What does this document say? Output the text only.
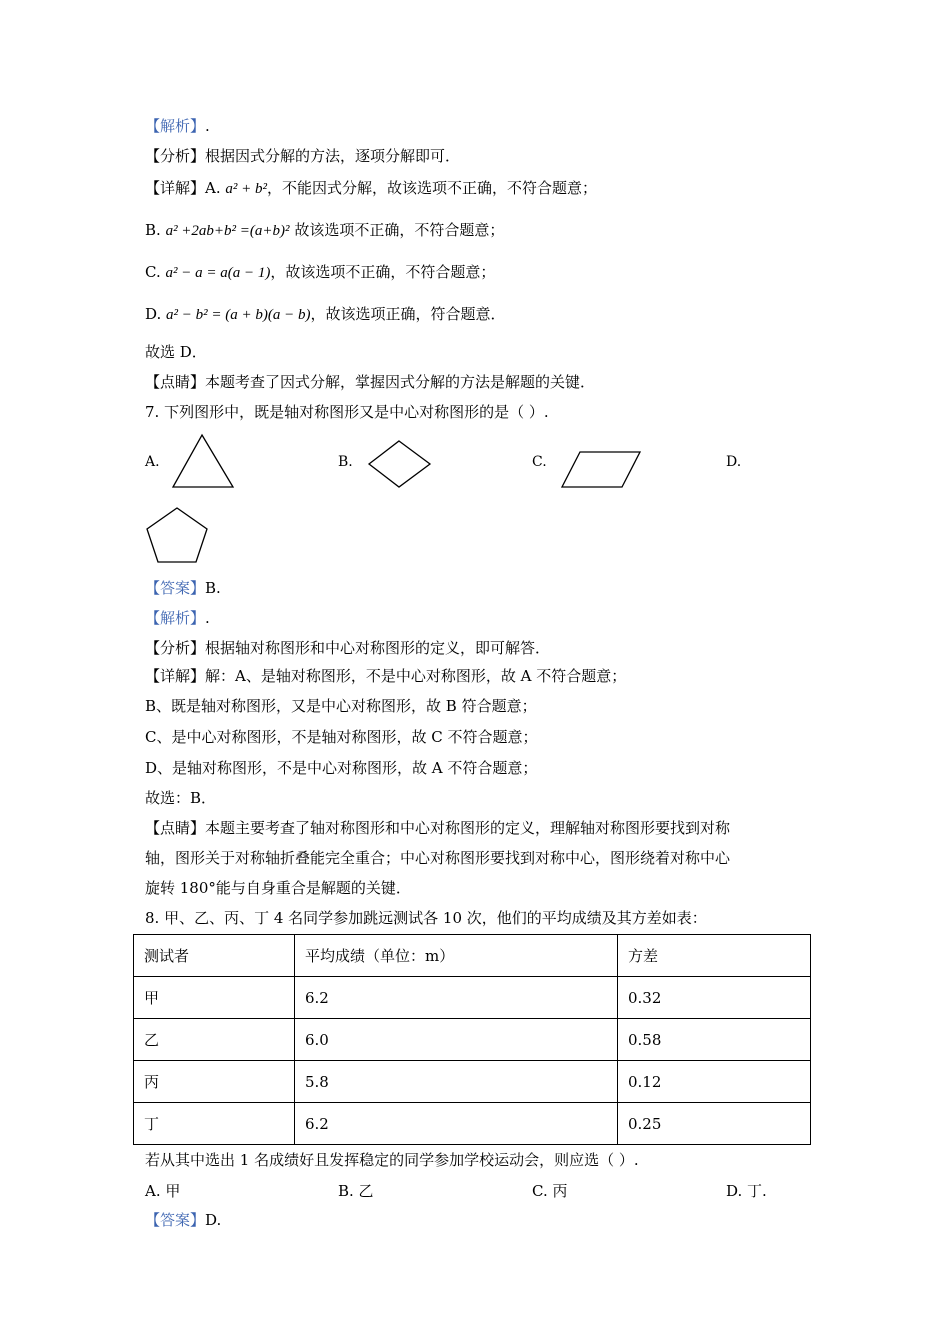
【解析】.
【分析】根据因式分解的方法，逐项分解即可．
【详解】A. a² + b²，不能因式分解，故该选项不正确，不符合题意；
B. a² +2ab+b² =(a+b)² 故该选项不正确，不符合题意；
C. a² − a = a(a − 1)，故该选项不正确，不符合题意；
D. a² − b² = (a + b)(a − b)，故该选项正确，符合题意．
故选 D．
【点睛】本题考查了因式分解，掌握因式分解的方法是解题的关键．
7. 下列图形中，既是轴对称图形又是中心对称图形的是（ ）.
A.	B.	C.	D.
【答案】B.
【解析】.
【分析】根据轴对称图形和中心对称图形的定义，即可解答．
【详解】解：A、是轴对称图形，不是中心对称图形，故 A 不符合题意；
B、既是轴对称图形，又是中心对称图形，故 B 符合题意；
C、是中心对称图形，不是轴对称图形，故 C 不符合题意；
D、是轴对称图形，不是中心对称图形，故 A 不符合题意；
故选：B．
【点睛】本题主要考查了轴对称图形和中心对称图形的定义，理解轴对称图形要找到对称
轴，图形关于对称轴折叠能完全重合；中心对称图形要找到对称中心，图形绕着对称中心
旋转 180°能与自身重合是解题的关键．
8. 甲、乙、丙、丁 4 名同学参加跳远测试各 10 次，他们的平均成绩及其方差如表：
测试者	平均成绩（单位：m）	方差
甲	6.2	0.32
乙	6.0	0.58
丙	5.8	0.12
丁	6.2	0.25
若从其中选出 1 名成绩好且发挥稳定的同学参加学校运动会，则应选（ ）.
A. 甲	B. 乙	C. 丙	D. 丁.
【答案】D.
